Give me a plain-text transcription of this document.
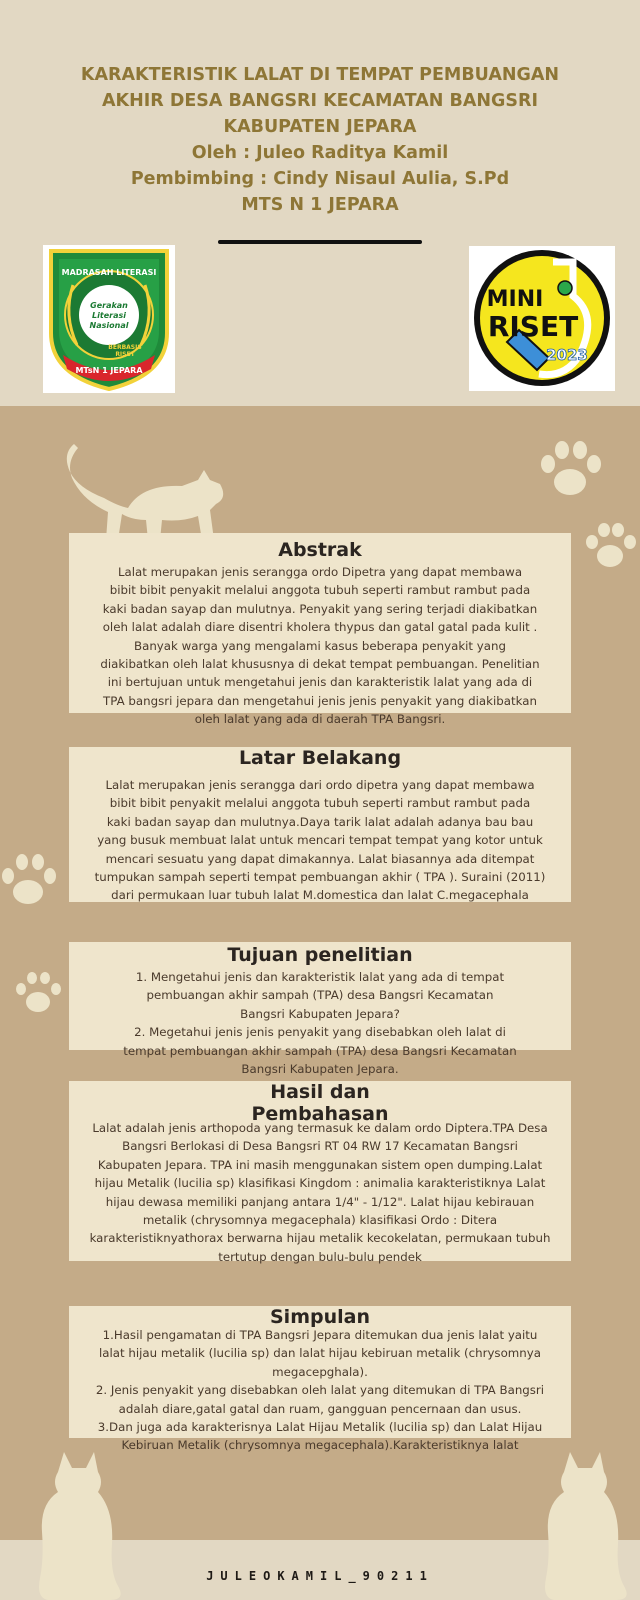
KARAKTERISTIK LALAT DI TEMPAT PEMBUANGAN
AKHIR DESA BANGSRI KECAMATAN BANGSRI
KABUPATEN JEPARA
Oleh : Juleo Raditya Kamil
Pembimbing : Cindy Nisaul Aulia, S.Pd
MTS N 1 JEPARA
MADRASAH LITERASI
Gerakan
Literasi
Nasional
BERBASIS
RISET
MTsN 1 JEPARA
MINI
RISET
2023
JULEOKAMIL_90211
Abstrak
Lalat merupakan jenis serangga ordo Dipetra yang dapat membawa
bibit bibit penyakit melalui anggota tubuh seperti rambut rambut pada
kaki badan sayap dan mulutnya. Penyakit yang sering terjadi diakibatkan
oleh lalat adalah diare disentri kholera thypus dan gatal gatal pada kulit .
Banyak warga yang mengalami kasus beberapa penyakit yang
diakibatkan oleh lalat khususnya di dekat tempat pembuangan. Penelitian
ini bertujuan untuk mengetahui jenis dan karakteristik lalat yang ada di
TPA bangsri jepara dan mengetahui jenis jenis penyakit yang diakibatkan
oleh lalat yang ada di daerah TPA Bangsri.
Latar Belakang
Lalat merupakan jenis serangga dari ordo dipetra yang dapat membawa
bibit bibit penyakit melalui anggota tubuh seperti rambut rambut pada
kaki badan sayap dan mulutnya.Daya tarik lalat adalah adanya bau bau
yang busuk membuat lalat untuk mencari tempat tempat yang kotor untuk
mencari sesuatu yang dapat dimakannya. Lalat biasannya ada ditempat
tumpukan sampah seperti tempat pembuangan akhir ( TPA ). Suraini (2011)
dari permukaan luar tubuh lalat M.domestica dan lalat C.megacephala
Tujuan penelitian
1. Mengetahui jenis dan karakteristik lalat yang ada di tempat
pembuangan akhir sampah (TPA) desa Bangsri Kecamatan
Bangsri Kabupaten Jepara?
2. Megetahui jenis jenis penyakit yang disebabkan oleh lalat di
tempat pembuangan akhir sampah (TPA) desa Bangsri Kecamatan
Bangsri Kabupaten Jepara.
Hasil dan
Pembahasan
Lalat adalah jenis arthopoda yang termasuk ke dalam ordo Diptera.TPA Desa
Bangsri Berlokasi di Desa Bangsri RT 04 RW 17 Kecamatan Bangsri
Kabupaten Jepara. TPA ini masih menggunakan sistem open dumping.Lalat
hijau Metalik (lucilia sp) klasifikasi Kingdom : animalia karakteristiknya Lalat
hijau dewasa memiliki panjang antara 1/4" - 1/12". Lalat hijau kebirauan
metalik (chrysomnya megacephala) klasifikasi Ordo : Ditera
karakteristiknyathorax berwarna hijau metalik kecokelatan, permukaan tubuh
tertutup dengan bulu-bulu pendek
Simpulan
1.Hasil pengamatan di TPA Bangsri Jepara ditemukan dua jenis lalat yaitu
lalat hijau metalik (lucilia sp) dan lalat hijau kebiruan metalik (chrysomnya
megacepghala).
2. Jenis penyakit yang disebabkan oleh lalat yang ditemukan di TPA Bangsri
adalah diare,gatal gatal dan ruam, gangguan pencernaan dan usus.
3.Dan juga ada karakterisnya Lalat Hijau Metalik (lucilia sp) dan Lalat Hijau
Kebiruan Metalik (chrysomnya megacephala).Karakteristiknya lalat
